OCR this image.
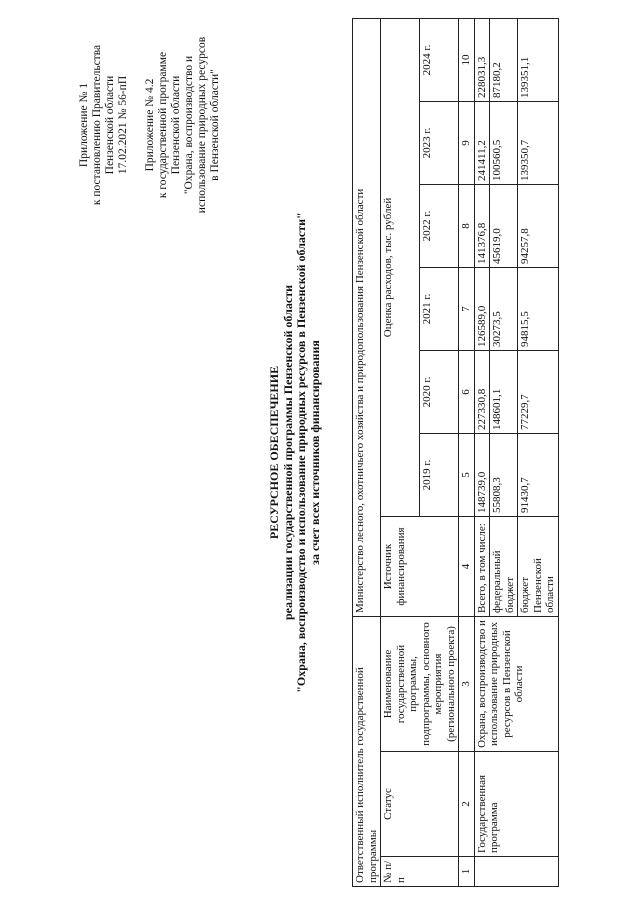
Приложение № 1 к постановлению Правительства Пензенской области 17.02.2021 № 56-пП Приложение № 4.2 к государственной программе Пензенской области "Охрана, воспроизводство и использование природных ресурсов в Пензенской области"
РЕСУРСНОЕ ОБЕСПЕЧЕНИЕ реализации государственной программы Пензенской области "Охрана, воспроизводство и использование природных ресурсов в Пензенской области" за счет всех источников финансирования
Ответственный исполнитель государственной программы			Министерство лесного, охотничьего хозяйства и природопользования Пензенской области						
№ п/п	Статус	Наименование государственной программы, подпрограммы, основного мероприятия (регионального проекта)	Источник финансирования	Оценка расходов, тыс. рублей					
				2019 г.	2020 г.	2021 г.	2022 г.	2023 г.	2024 г.
1	2	3	4	5	6	7	8	9	10
	Государственная программа	Охрана, воспроизводство и использование природных ресурсов в Пензенской области	Всего, в том числе:	148739,0	227330,8	126589,0	141376,8	241411,2	228031,3
			федеральный бюджет	55808,3	148601,1	30273,5	45619,0	100560,5	87180,2
			бюджет Пензенской области	91430,7	77229,7	94815,5	94257,8	139350,7	139351,1
